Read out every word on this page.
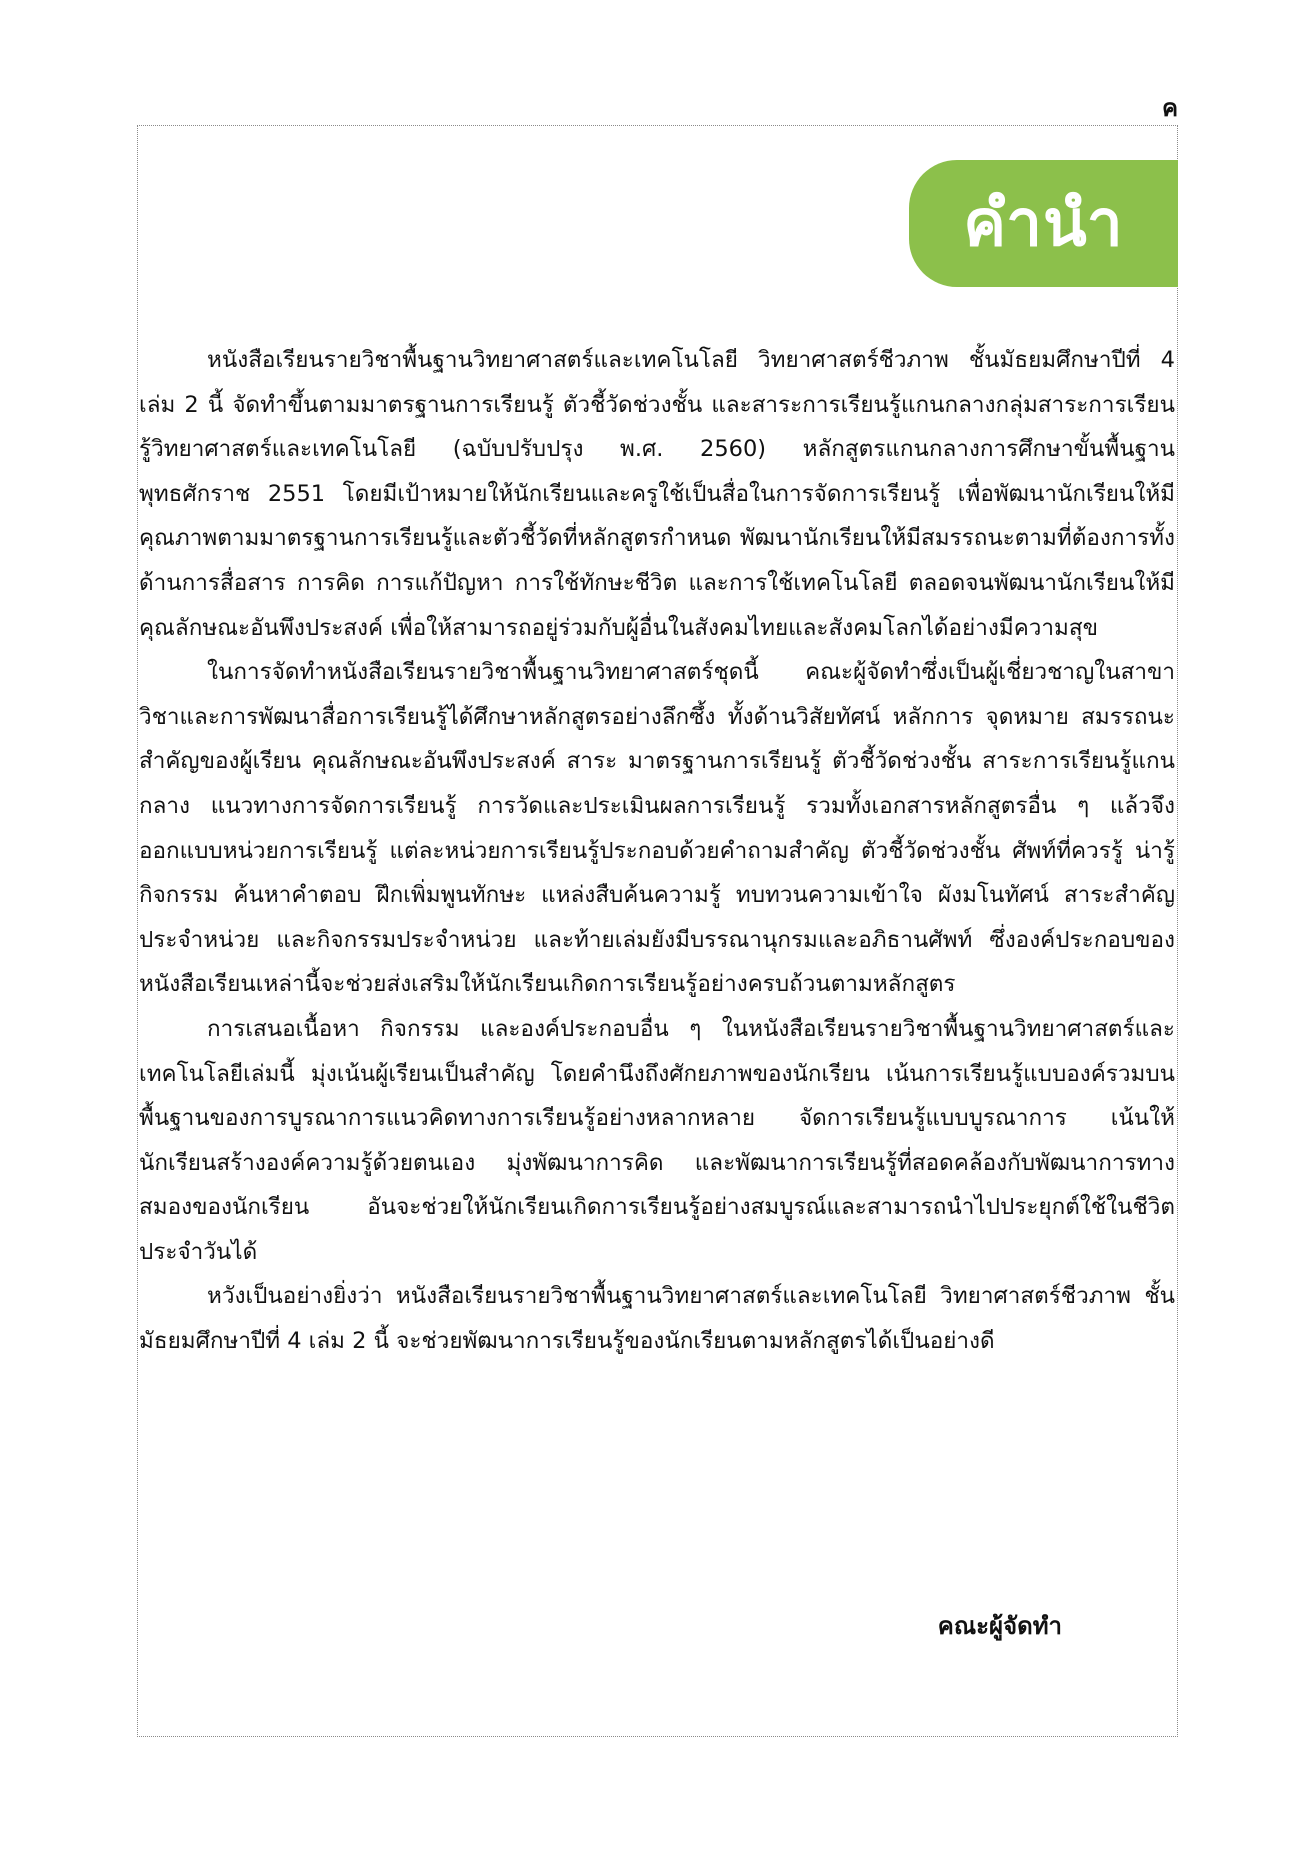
ค
คำนำ

หนังสือเรียนรายวิชาพื้นฐานวิทยาศาสตร์และเทคโนโลยี วิทยาศาสตร์ชีวภาพ ชั้นมัธยมศึกษาปีที่ 4 เล่ม 2 นี้ จัดทำขึ้นตามมาตรฐานการเรียนรู้ ตัวชี้วัดช่วงชั้น และสาระการเรียนรู้แกนกลางกลุ่มสาระการเรียนรู้วิทยาศาสตร์และเทคโนโลยี (ฉบับปรับปรุง พ.ศ. 2560) หลักสูตรแกนกลางการศึกษาขั้นพื้นฐาน พุทธศักราช 2551 โดยมีเป้าหมายให้นักเรียนและครูใช้เป็นสื่อในการจัดการเรียนรู้ เพื่อพัฒนานักเรียนให้มีคุณภาพตามมาตรฐานการเรียนรู้และตัวชี้วัดที่หลักสูตรกำหนด พัฒนานักเรียนให้มีสมรรถนะตามที่ต้องการทั้งด้านการสื่อสาร การคิด การแก้ปัญหา การใช้ทักษะชีวิต และการใช้เทคโนโลยี ตลอดจนพัฒนานักเรียนให้มีคุณลักษณะอันพึงประสงค์ เพื่อให้สามารถอยู่ร่วมกับผู้อื่นในสังคมไทยและสังคมโลกได้อย่างมีความสุข

ในการจัดทำหนังสือเรียนรายวิชาพื้นฐานวิทยาศาสตร์ชุดนี้ คณะผู้จัดทำซึ่งเป็นผู้เชี่ยวชาญในสาขาวิชาและการพัฒนาสื่อการเรียนรู้ได้ศึกษาหลักสูตรอย่างลึกซึ้ง ทั้งด้านวิสัยทัศน์ หลักการ จุดหมาย สมรรถนะสำคัญของผู้เรียน คุณลักษณะอันพึงประสงค์ สาระ มาตรฐานการเรียนรู้ ตัวชี้วัดช่วงชั้น สาระการเรียนรู้แกนกลาง แนวทางการจัดการเรียนรู้ การวัดและประเมินผลการเรียนรู้ รวมทั้งเอกสารหลักสูตรอื่น ๆ แล้วจึงออกแบบหน่วยการเรียนรู้ แต่ละหน่วยการเรียนรู้ประกอบด้วยคำถามสำคัญ ตัวชี้วัดช่วงชั้น ศัพท์ที่ควรรู้ น่ารู้ กิจกรรม ค้นหาคำตอบ ฝึกเพิ่มพูนทักษะ แหล่งสืบค้นความรู้ ทบทวนความเข้าใจ ผังมโนทัศน์ สาระสำคัญประจำหน่วย และกิจกรรมประจำหน่วย และท้ายเล่มยังมีบรรณานุกรมและอภิธานศัพท์ ซึ่งองค์ประกอบของหนังสือเรียนเหล่านี้จะช่วยส่งเสริมให้นักเรียนเกิดการเรียนรู้อย่างครบถ้วนตามหลักสูตร

การเสนอเนื้อหา กิจกรรม และองค์ประกอบอื่น ๆ ในหนังสือเรียนรายวิชาพื้นฐานวิทยาศาสตร์และเทคโนโลยีเล่มนี้ มุ่งเน้นผู้เรียนเป็นสำคัญ โดยคำนึงถึงศักยภาพของนักเรียน เน้นการเรียนรู้แบบองค์รวมบนพื้นฐานของการบูรณาการแนวคิดทางการเรียนรู้อย่างหลากหลาย จัดการเรียนรู้แบบบูรณาการ เน้นให้นักเรียนสร้างองค์ความรู้ด้วยตนเอง มุ่งพัฒนาการคิด และพัฒนาการเรียนรู้ที่สอดคล้องกับพัฒนาการทางสมองของนักเรียน อันจะช่วยให้นักเรียนเกิดการเรียนรู้อย่างสมบูรณ์และสามารถนำไปประยุกต์ใช้ในชีวิตประจำวันได้

หวังเป็นอย่างยิ่งว่า หนังสือเรียนรายวิชาพื้นฐานวิทยาศาสตร์และเทคโนโลยี วิทยาศาสตร์ชีวภาพ ชั้นมัธยมศึกษาปีที่ 4 เล่ม 2 นี้ จะช่วยพัฒนาการเรียนรู้ของนักเรียนตามหลักสูตรได้เป็นอย่างดี

คณะผู้จัดทำ
